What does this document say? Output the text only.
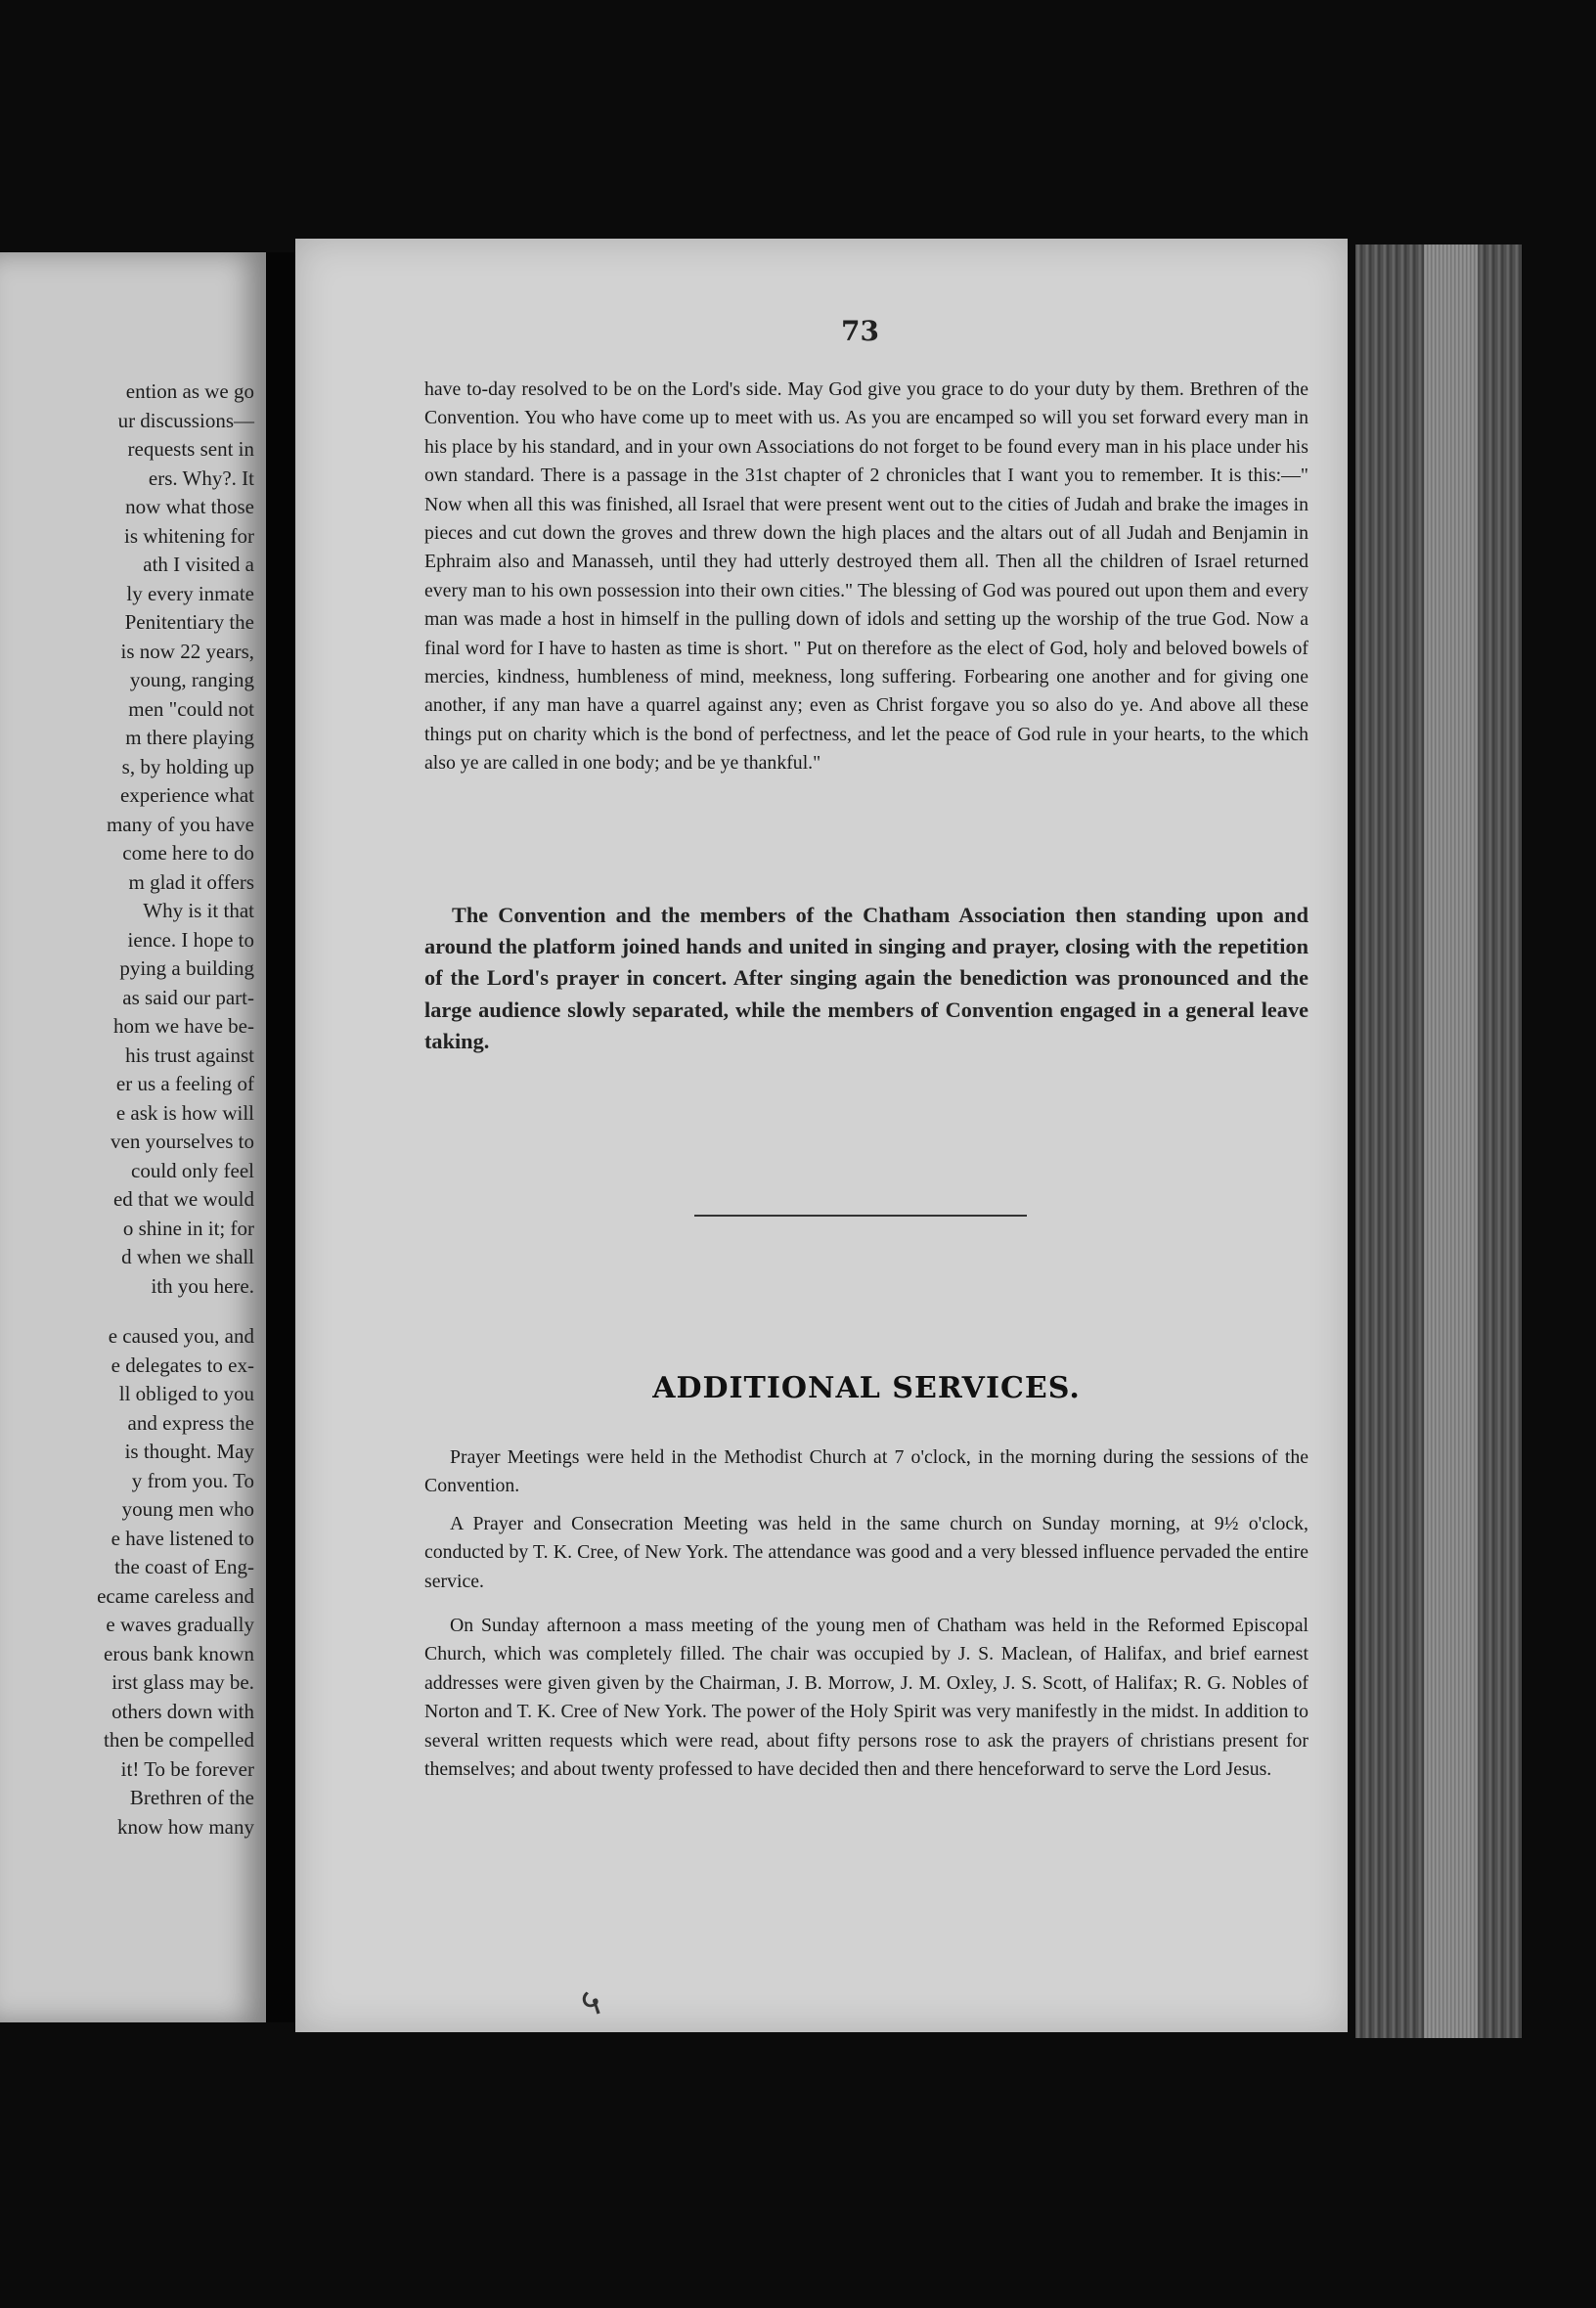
ention as we go
ur discussions—
requests sent in
ers. Why?. It
now what those
is whitening for
ath I visited a
ly every inmate
Penitentiary the
is now 22 years,
young, ranging
men "could not
m there playing
s, by holding up
experience what
many of you have
come here to do
m glad it offers
Why is it that
ience. I hope to
pying a building
as said our part-
hom we have be-
his trust against
er us a feeling of
e ask is how will
ven yourselves to
could only feel
ed that we would
o shine in it; for
d when we shall
ith you here.
e caused you, and
e delegates to ex-
ll obliged to you
and express the
is thought. May
y from you. To
young men who
e have listened to
the coast of Eng-
ecame careless and
e waves gradually
erous bank known
irst glass may be.
others down with
then be compelled
it! To be forever
Brethren of the
know how many
73
have to-day resolved to be on the Lord's side. May God give you grace to do your duty by them. Brethren of the Convention. You who have come up to meet with us. As you are encamped so will you set forward every man in his place by his standard, and in your own Associations do not forget to be found every man in his place under his own standard. There is a passage in the 31st chapter of 2 chronicles that I want you to remember. It is this:—" Now when all this was finished, all Israel that were present went out to the cities of Judah and brake the images in pieces and cut down the groves and threw down the high places and the altars out of all Judah and Benjamin in Ephraim also and Manasseh, until they had utterly destroyed them all. Then all the children of Israel returned every man to his own possession into their own cities." The blessing of God was poured out upon them and every man was made a host in himself in the pulling down of idols and setting up the worship of the true God. Now a final word for I have to hasten as time is short. " Put on therefore as the elect of God, holy and beloved bowels of mercies, kindness, humbleness of mind, meekness, long suffering. Forbearing one another and for giving one another, if any man have a quarrel against any; even as Christ forgave you so also do ye. And above all these things put on charity which is the bond of perfectness, and let the peace of God rule in your hearts, to the which also ye are called in one body; and be ye thankful."
The Convention and the members of the Chatham Association then standing upon and around the platform joined hands and united in singing and prayer, closing with the repetition of the Lord's prayer in concert. After singing again the benediction was pronounced and the large audience slowly separated, while the members of Convention engaged in a general leave taking.
ADDITIONAL SERVICES.
Prayer Meetings were held in the Methodist Church at 7 o'clock, in the morning during the sessions of the Convention.
A Prayer and Consecration Meeting was held in the same church on Sunday morning, at 9½ o'clock, conducted by T. K. Cree, of New York. The attendance was good and a very blessed influence pervaded the entire service.
On Sunday afternoon a mass meeting of the young men of Chatham was held in the Reformed Episcopal Church, which was completely filled. The chair was occupied by J. S. Maclean, of Halifax, and brief earnest addresses were given given by the Chairman, J. B. Morrow, J. M. Oxley, J. S. Scott, of Halifax; R. G. Nobles of Norton and T. K. Cree of New York. The power of the Holy Spirit was very manifestly in the midst. In addition to several written requests which were read, about fifty persons rose to ask the prayers of christians present for themselves; and about twenty professed to have decided then and there henceforward to serve the Lord Jesus.
५
